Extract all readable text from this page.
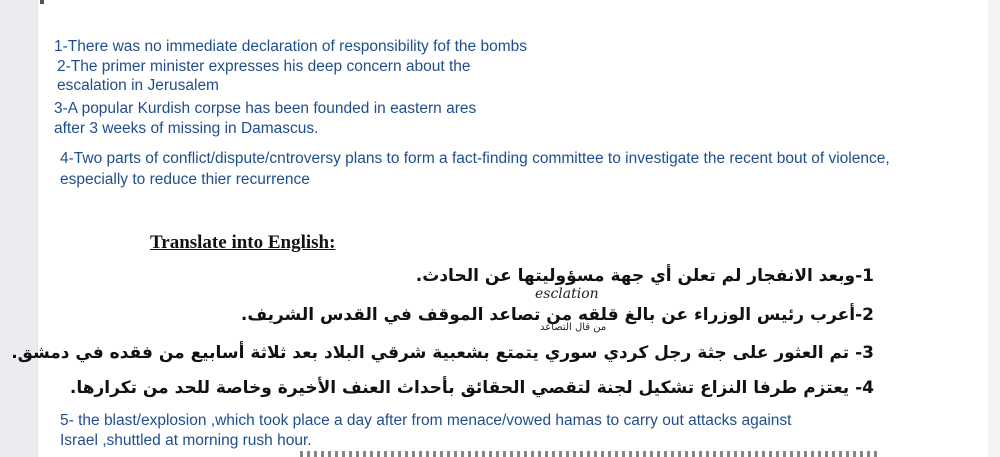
1-There was no immediate declaration of responsibility fof the bombs
2-The primer minister expresses his deep concern about the
escalation in Jerusalem
3-A popular Kurdish corpse has been founded in eastern ares
after 3 weeks of missing in Damascus.
4-Two parts of conflict/dispute/cntroversy plans to form a fact-finding committee to investigate the recent bout of violence,
especially to reduce thier recurrence
Translate into English:
1-وبعد الانفجار لم تعلن أي جهة مسؤوليتها عن الحادث.
esclation
2-أعرب رئيس الوزراء عن بالغ قلقه من تصاعد الموقف في القدس الشريف.
من قال التصاعد
3- تم العثور على جثة رجل كردي سوري يتمتع بشعبية شرقي البلاد بعد ثلاثة أسابيع من فقده في دمشق.
4- يعتزم طرفا النزاع تشكيل لجنة لتقصي الحقائق بأحداث العنف الأخيرة وخاصة للحد من تكرارها.
5- the blast/explosion ,which took place a day after from menace/vowed hamas to carry out attacks against
Israel ,shuttled at morning rush hour.
